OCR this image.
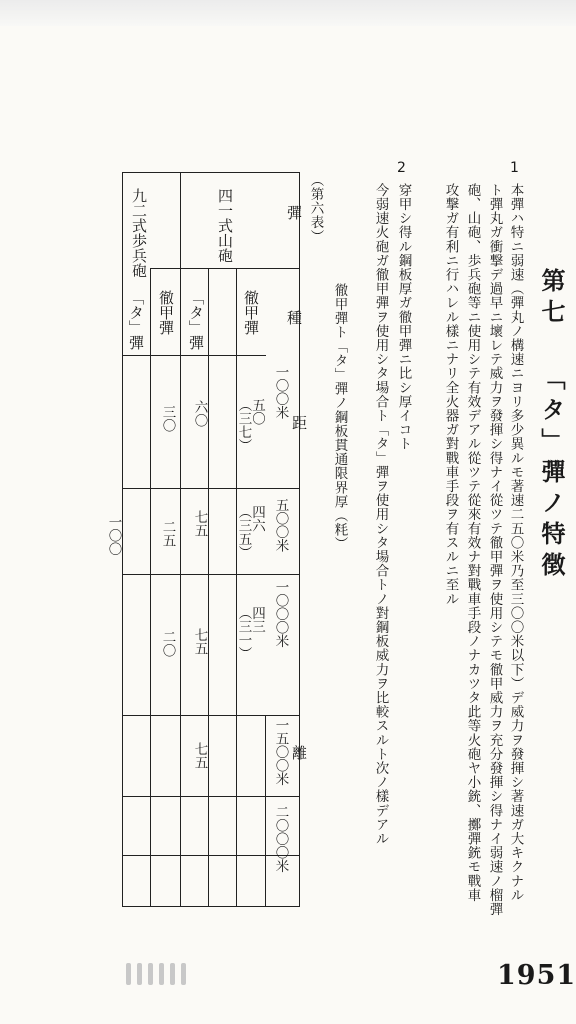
第七 「タ」彈ノ特徴
1
本彈ハ特ニ弱速（彈丸ノ構速ニヨリ多少異ルモ著速二五〇米乃至三〇〇米以下）デ威力ヲ發揮シ著速ガ大キクナル
ト彈丸ガ衝撃デ過早ニ壞レテ威力ヲ發揮シ得ナイ從ツテ徹甲彈ヲ使用シテモ徹甲威力ヲ充分發揮シ得ナイ弱速ノ榴彈
砲、山砲、歩兵砲等ニ使用シテ有效デアル從ツテ從來有效ナ對戰車手段ノナカツタ此等火砲ヤ小銃、擲彈銃モ戰車
攻撃ガ有利ニ行ハレル樣ニナリ全火器ガ對戰車手段ヲ有スルニ至ル
2
穿甲シ得ル鋼板厚ガ徹甲彈ニ比シ厚イコト
今弱速火砲ガ徹甲彈ヲ使用シタ場合ト「タ」彈ヲ使用シタ場合トノ對鋼板威力ヲ比較スルト次ノ樣デアル
徹甲彈ト「タ」彈ノ鋼板貫通限界厚（粍）
（第六表）
彈
種
距
離
一〇〇米
五〇〇米
一〇〇〇米
一五〇〇米
二〇〇〇米
四一式山砲
九二式歩兵砲
徹甲彈
「タ」彈
徹甲彈
「タ」彈
五〇
（三七）
四六
（三五）
四三
（三一）
六〇
七五
七五
七五
三〇
二五
二〇
一〇〇
1951
